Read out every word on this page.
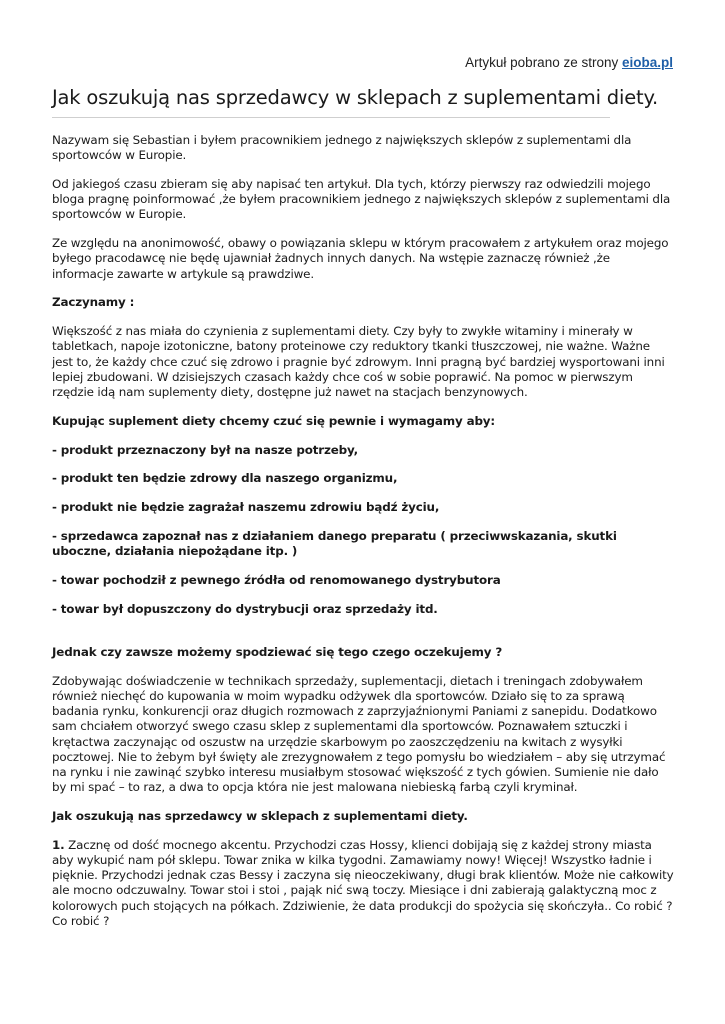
Artykuł pobrano ze strony eioba.pl
Jak oszukują nas sprzedawcy w sklepach z suplementami diety.

Nazywam się Sebastian i byłem pracownikiem jednego z największych sklepów z suplementami dla sportowców w Europie.

Od jakiegoś czasu zbieram się aby napisać ten artykuł. Dla tych, którzy pierwszy raz odwiedzili mojego bloga pragnę poinformować ,że byłem pracownikiem jednego z największych sklepów z suplementami dla sportowców w Europie.

Ze względu na anonimowość, obawy o powiązania sklepu w którym pracowałem z artykułem oraz mojego byłego pracodawcę nie będę ujawniał żadnych innych danych. Na wstępie zaznaczę również ,że informacje zawarte w artykule są prawdziwe.

Zaczynamy :

Większość z nas miała do czynienia z suplementami diety. Czy były to zwykłe witaminy i minerały w tabletkach, napoje izotoniczne, batony proteinowe czy reduktory tkanki tłuszczowej, nie ważne. Ważne jest to, że każdy chce czuć się zdrowo i pragnie być zdrowym. Inni pragną być bardziej wysportowani inni lepiej zbudowani. W dzisiejszych czasach każdy chce coś w sobie poprawić. Na pomoc w pierwszym rzędzie idą nam suplementy diety, dostępne już nawet na stacjach benzynowych.

Kupując suplement diety chcemy czuć się pewnie i wymagamy aby:

- produkt przeznaczony był na nasze potrzeby,

- produkt ten będzie zdrowy dla naszego organizmu,

- produkt nie będzie zagrażał naszemu zdrowiu bądź życiu,

- sprzedawca zapoznał nas z działaniem danego preparatu ( przeciwwskazania, skutki uboczne, działania niepożądane itp. )

- towar pochodził z pewnego źródła od renomowanego dystrybutora

- towar był dopuszczony do dystrybucji oraz sprzedaży itd.

Jednak czy zawsze możemy spodziewać się tego czego oczekujemy ?

Zdobywając doświadczenie w technikach sprzedaży, suplementacji, dietach i treningach zdobywałem również niechęć do kupowania w moim wypadku odżywek dla sportowców. Działo się to za sprawą badania rynku, konkurencji oraz długich rozmowach z zaprzyjaźnionymi Paniami z sanepidu. Dodatkowo sam chciałem otworzyć swego czasu sklep z suplementami dla sportowców. Poznawałem sztuczki i krętactwa zaczynając od oszustw na urzędzie skarbowym po zaoszczędzeniu na kwitach z wysyłki pocztowej. Nie to żebym był święty ale zrezygnowałem z tego pomysłu bo wiedziałem – aby się utrzymać na rynku i nie zawinąć szybko interesu musiałbym stosować większość z tych gówien. Sumienie nie dało by mi spać – to raz, a dwa to opcja która nie jest malowana niebieską farbą czyli kryminał.

Jak oszukują nas sprzedawcy w sklepach z suplementami diety.

1. Zacznę od dość mocnego akcentu. Przychodzi czas Hossy, klienci dobijają się z każdej strony miasta aby wykupić nam pół sklepu. Towar znika w kilka tygodni. Zamawiamy nowy! Więcej! Wszystko ładnie i pięknie. Przychodzi jednak czas Bessy i zaczyna się nieoczekiwany, długi brak klientów. Może nie całkowity ale mocno odczuwalny. Towar stoi i stoi , pająk nić swą toczy. Miesiące i dni zabierają galaktyczną moc z kolorowych puch stojących na półkach. Zdziwienie, że data produkcji do spożycia się skończyła.. Co robić ? Co robić ?
